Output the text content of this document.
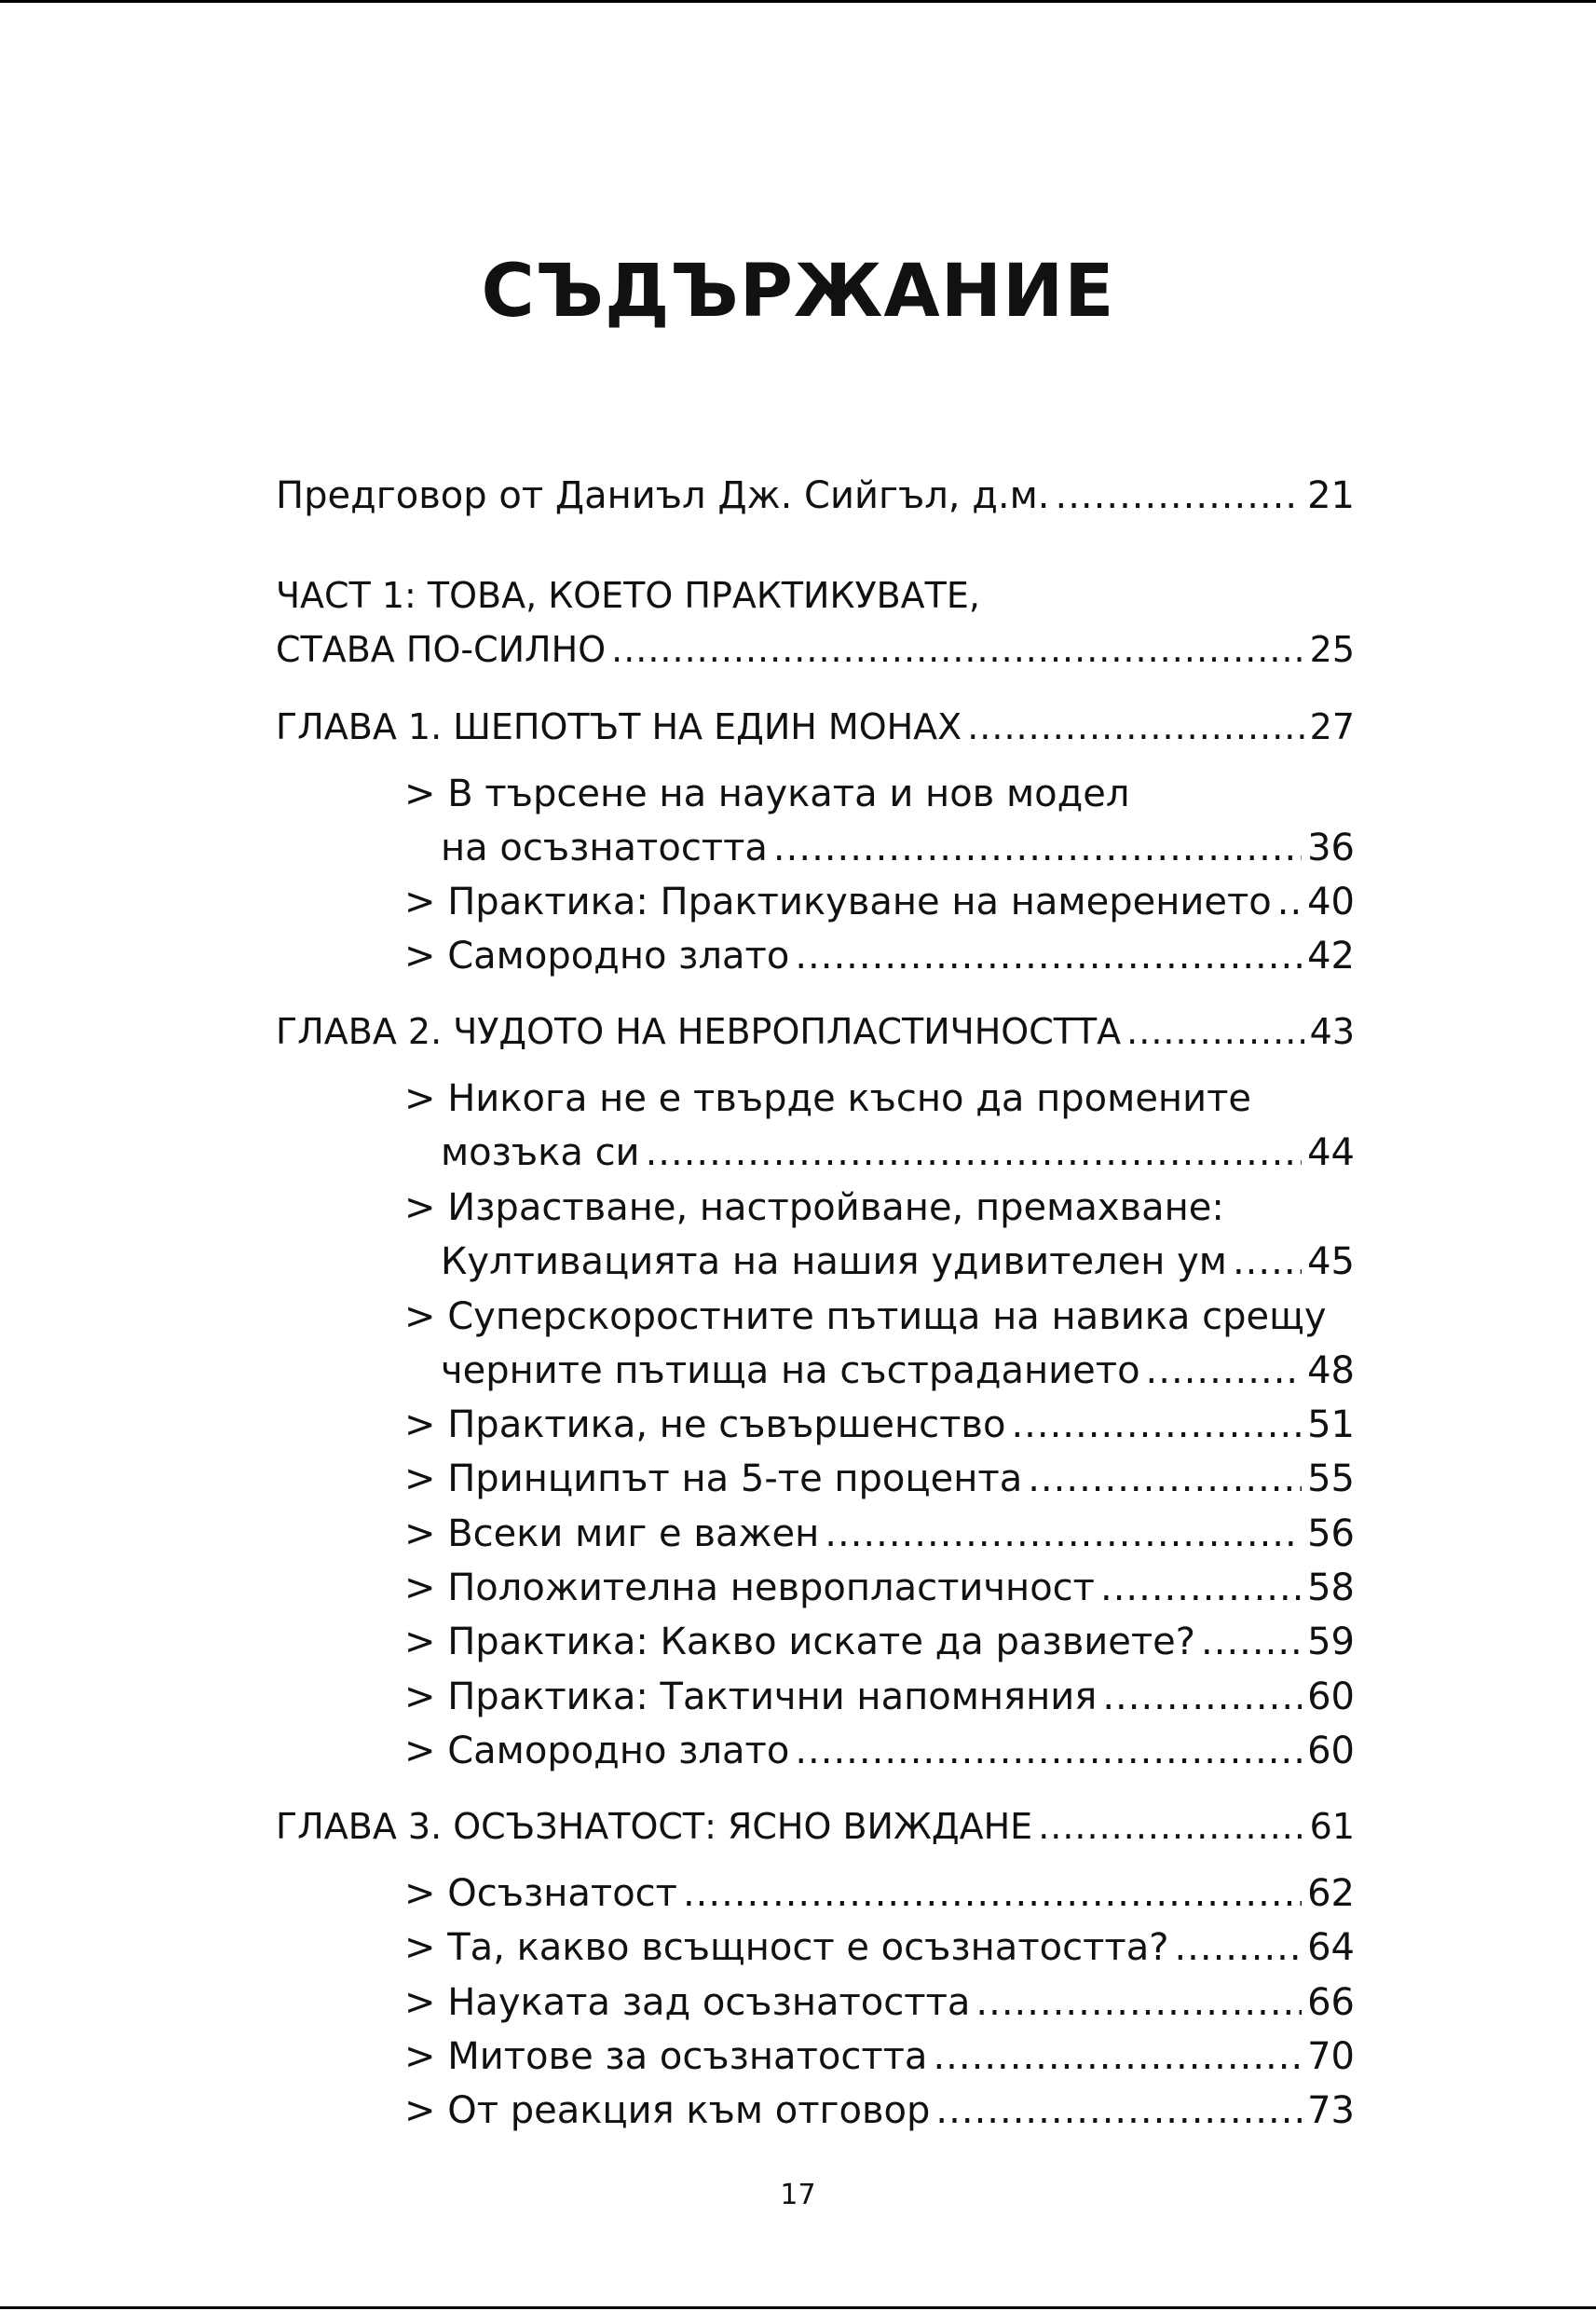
СЪДЪРЖАНИЕ
Предговор от Даниъл Дж. Сийгъл, д.м. .....	21
ЧАСТ 1: ТОВА, КОЕТО ПРАКТИКУВАТЕ,
СТАВА ПО-СИЛНО .....	25
ГЛАВА 1. ШЕПОТЪТ НА ЕДИН МОНАХ .....	27
> В търсене на науката и нов модел
на осъзнатостта .....	36
> Практика: Практикуване на намерението ..... 40
> Самородно злато .....	42
ГЛАВА 2. ЧУДОТО НА НЕВРОПЛАСТИЧНОСТТА .....	43
> Никога не е твърде късно да промените
мозъка си .....	44
> Израстване, настройване, премахване:
Култивацията на нашия удивителен ум ..... 45
> Суперскоростните пътища на навика срещу
черните пътища на състраданието .....	48
> Практика, не съвършенство .....	51
> Принципът на 5-те процента .....	55
> Всеки миг е важен .....	56
> Положителна невропластичност .....	58
> Практика: Какво искате да развиете? .....	59
> Практика: Тактични напомняния .....	60
> Самородно злато .....	60
ГЛАВА 3. ОСЪЗНАТОСТ: ЯСНО ВИЖДАНЕ .....	61
> Осъзнатост .....	62
> Та, какво всъщност е осъзнатостта? .....	64
> Науката зад осъзнатостта .....	66
> Митове за осъзнатостта .....	70
> От реакция към отговор .....	73
17
